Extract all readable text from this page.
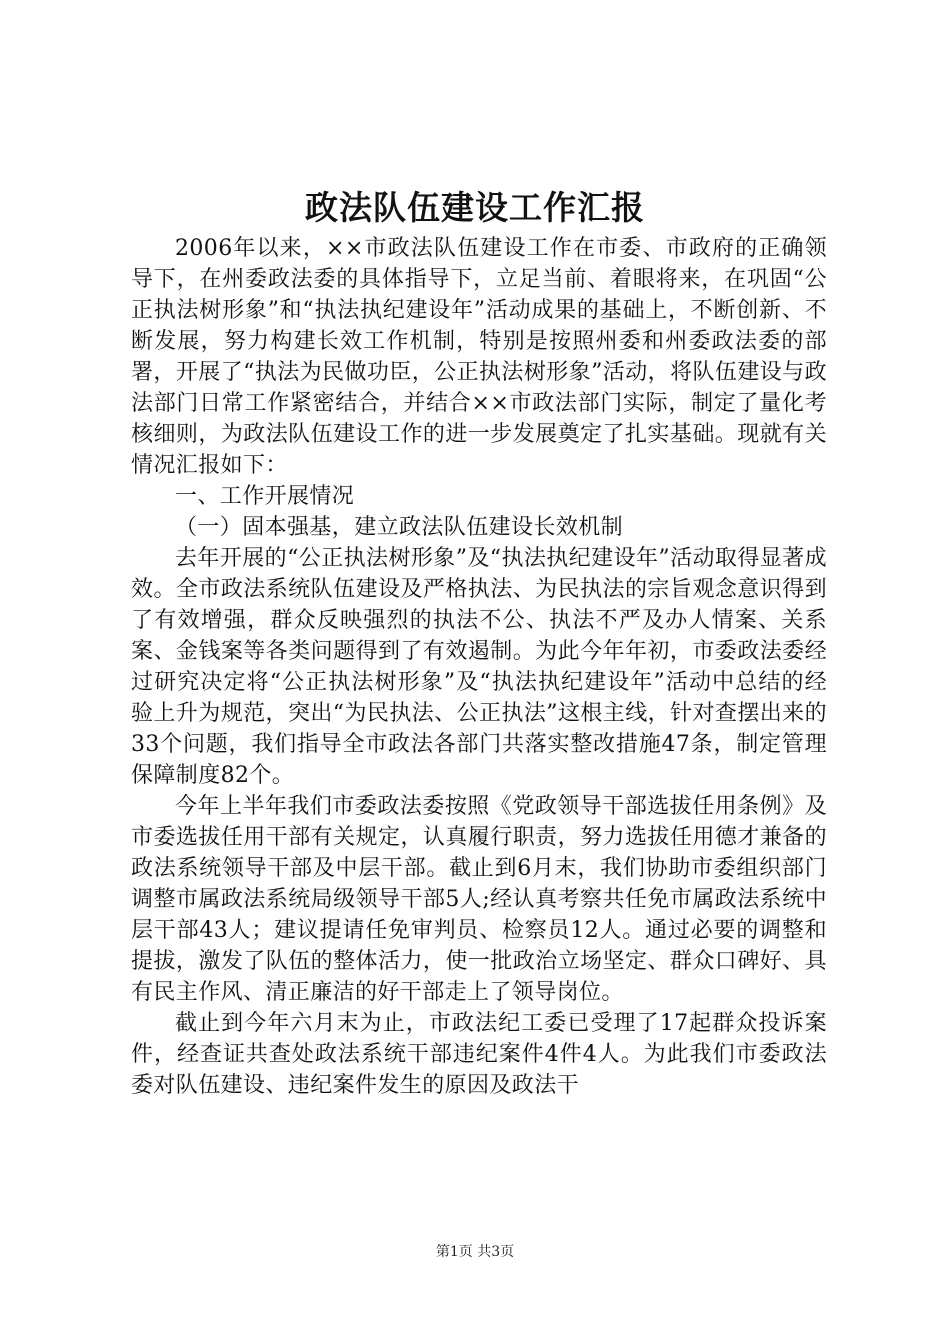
政法队伍建设工作汇报

2006年以来，××市政法队伍建设工作在市委、市政府的正确领导下，在州委政法委的具体指导下，立足当前、着眼将来，在巩固“公正执法树形象”和“执法执纪建设年”活动成果的基础上，不断创新、不断发展，努力构建长效工作机制，特别是按照州委和州委政法委的部署，开展了“执法为民做功臣，公正执法树形象”活动，将队伍建设与政法部门日常工作紧密结合，并结合××市政法部门实际，制定了量化考核细则，为政法队伍建设工作的进一步发展奠定了扎实基础。现就有关情况汇报如下：

一、工作开展情况

（一）固本强基，建立政法队伍建设长效机制

去年开展的“公正执法树形象”及“执法执纪建设年”活动取得显著成效。全市政法系统队伍建设及严格执法、为民执法的宗旨观念意识得到了有效增强，群众反映强烈的执法不公、执法不严及办人情案、关系案、金钱案等各类问题得到了有效遏制。为此今年年初，市委政法委经过研究决定将“公正执法树形象”及“执法执纪建设年”活动中总结的经验上升为规范，突出“为民执法、公正执法”这根主线，针对查摆出来的33个问题，我们指导全市政法各部门共落实整改措施47条，制定管理保障制度82个。

今年上半年我们市委政法委按照《党政领导干部选拔任用条例》及市委选拔任用干部有关规定，认真履行职责，努力选拔任用德才兼备的政法系统领导干部及中层干部。截止到6月末，我们协助市委组织部门调整市属政法系统局级领导干部5人;经认真考察共任免市属政法系统中层干部43人；建议提请任免审判员、检察员12人。通过必要的调整和提拔，激发了队伍的整体活力，使一批政治立场坚定、群众口碑好、具有民主作风、清正廉洁的好干部走上了领导岗位。

截止到今年六月末为止，市政法纪工委已受理了17起群众投诉案件，经查证共查处政法系统干部违纪案件4件4人。为此我们市委政法委对队伍建设、违纪案件发生的原因及政法干

第1页 共3页
